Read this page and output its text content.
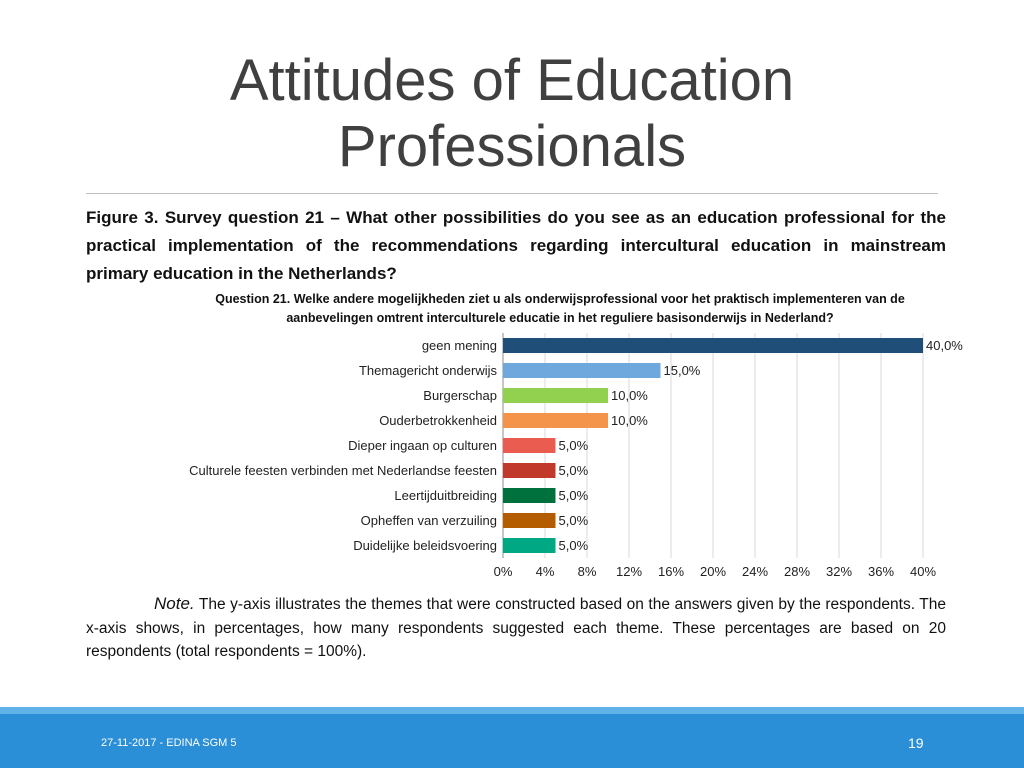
Attitudes of Education
Professionals
Figure 3. Survey question 21 – What other possibilities do you see as an education professional for the practical implementation of the recommendations regarding intercultural education in mainstream primary education in the Netherlands?
Question 21. Welke andere mogelijkheden ziet u als onderwijsprofessional voor het praktisch implementeren van de aanbevelingen omtrent interculturele educatie in het reguliere basisonderwijs in Nederland?
0% 4% 8% 12% 16% 20% 24% 28% 32% 36% 40%
geen mening	40,0%
Themagericht onderwijs	15,0%
Burgerschap	10,0%
Ouderbetrokkenheid	10,0%
Dieper ingaan op culturen	5,0%
Culturele feesten verbinden met Nederlandse feesten	5,0%
Leertijduitbreiding	5,0%
Opheffen van verzuiling	5,0%
Duidelijke beleidsvoering	5,0%
Note. The y-axis illustrates the themes that were constructed based on the answers given by the respondents. The x-axis shows, in percentages, how many respondents suggested each theme. These percentages are based on 20 respondents (total respondents = 100%).
27-11-2017 - EDINA SGM 5	19
